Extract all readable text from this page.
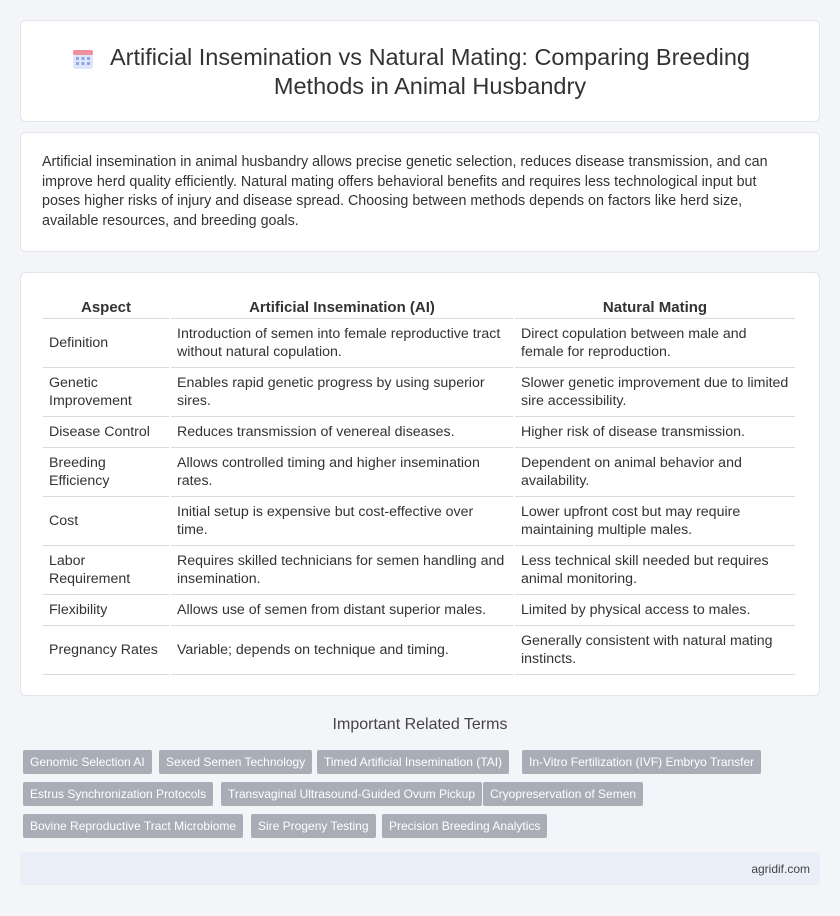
Artificial Insemination vs Natural Mating: Comparing Breeding Methods in Animal Husbandry

Artificial insemination in animal husbandry allows precise genetic selection, reduces disease transmission, and can improve herd quality efficiently. Natural mating offers behavioral benefits and requires less technological input but poses higher risks of injury and disease spread. Choosing between methods depends on factors like herd size, available resources, and breeding goals.

Aspect	Artificial Insemination (AI)	Natural Mating
Definition	Introduction of semen into female reproductive tract without natural copulation.	Direct copulation between male and female for reproduction.
Genetic Improvement	Enables rapid genetic progress by using superior sires.	Slower genetic improvement due to limited sire accessibility.
Disease Control	Reduces transmission of venereal diseases.	Higher risk of disease transmission.
Breeding Efficiency	Allows controlled timing and higher insemination rates.	Dependent on animal behavior and availability.
Cost	Initial setup is expensive but cost-effective over time.	Lower upfront cost but may require maintaining multiple males.
Labor Requirement	Requires skilled technicians for semen handling and insemination.	Less technical skill needed but requires animal monitoring.
Flexibility	Allows use of semen from distant superior males.	Limited by physical access to males.
Pregnancy Rates	Variable; depends on technique and timing.	Generally consistent with natural mating instincts.
Important Related Terms
Genomic Selection AI	Sexed Semen Technology	Timed Artificial Insemination (TAI)	In-Vitro Fertilization (IVF) Embryo Transfer
Estrus Synchronization Protocols	Transvaginal Ultrasound-Guided Ovum Pickup	Cryopreservation of Semen
Bovine Reproductive Tract Microbiome	Sire Progeny Testing	Precision Breeding Analytics
agridif.com
